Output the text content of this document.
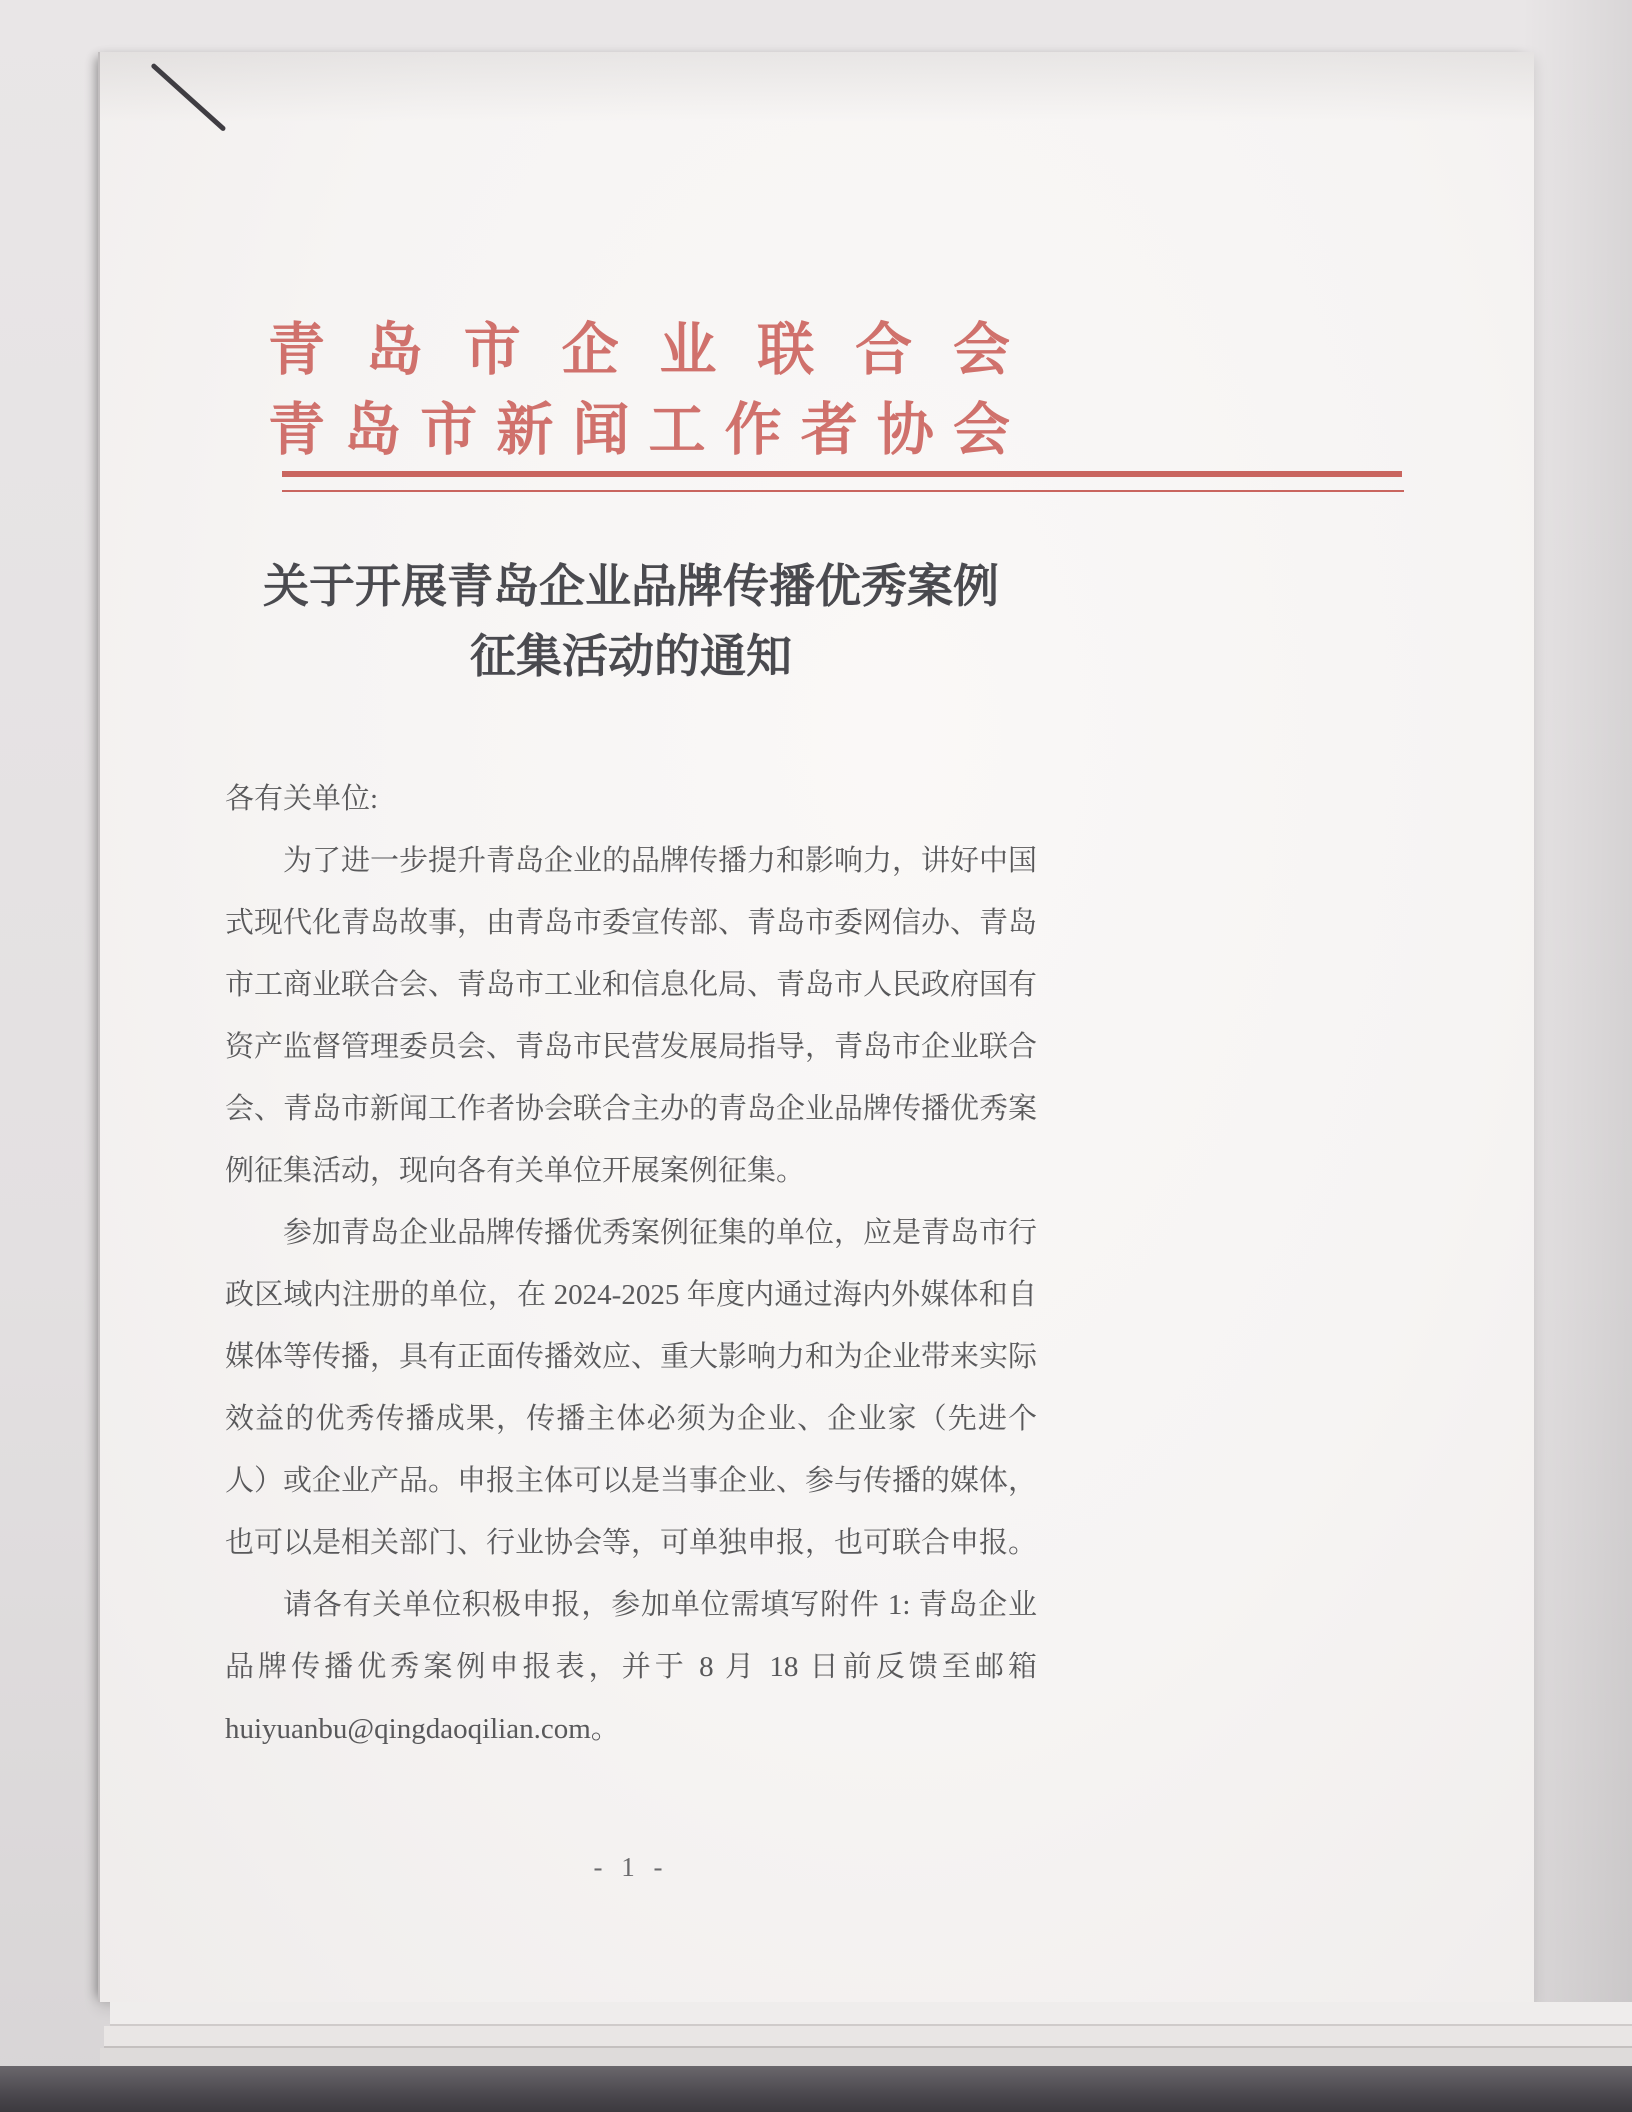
青岛市企业联合会
青岛市新闻工作者协会
关于开展青岛企业品牌传播优秀案例
征集活动的通知

各有关单位:

为了进一步提升青岛企业的品牌传播力和影响力，讲好中国式现代化青岛故事，由青岛市委宣传部、青岛市委网信办、青岛市工商业联合会、青岛市工业和信息化局、青岛市人民政府国有资产监督管理委员会、青岛市民营发展局指导，青岛市企业联合会、青岛市新闻工作者协会联合主办的青岛企业品牌传播优秀案例征集活动，现向各有关单位开展案例征集。

参加青岛企业品牌传播优秀案例征集的单位，应是青岛市行政区域内注册的单位，在 2024-2025 年度内通过海内外媒体和自媒体等传播，具有正面传播效应、重大影响力和为企业带来实际效益的优秀传播成果，传播主体必须为企业、企业家（先进个人）或企业产品。申报主体可以是当事企业、参与传播的媒体，也可以是相关部门、行业协会等，可单独申报，也可联合申报。

请各有关单位积极申报，参加单位需填写附件 1: 青岛企业品牌传播优秀案例申报表，并于 8 月 18 日前反馈至邮箱 huiyuanbu@qingdaoqilian.com。

- 1 -
